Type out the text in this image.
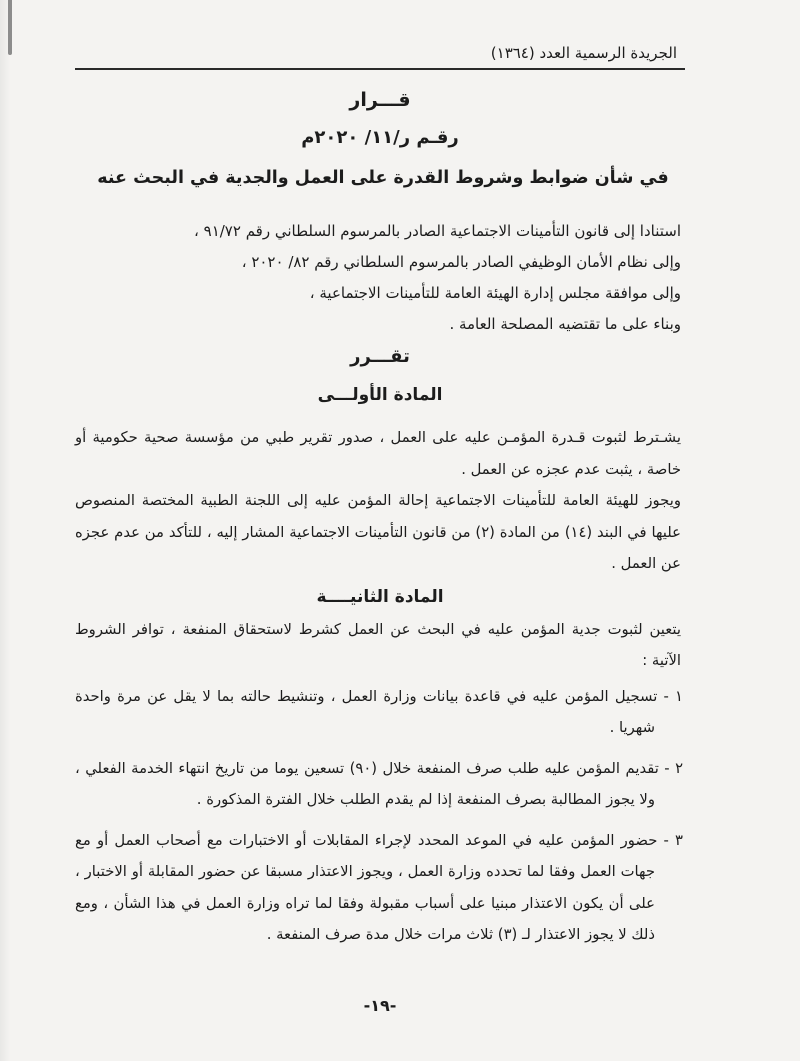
الجريدة الرسمية العدد (١٣٦٤)
قـــرار
رقـم ر/١١/ ٢٠٢٠م
في شأن ضوابط وشروط القدرة على العمل والجدية في البحث عنه
استنادا إلى قانون التأمينات الاجتماعية الصادر بالمرسوم السلطاني رقم ٩١/٧٢ ،
وإلى نظام الأمان الوظيفي الصادر بالمرسوم السلطاني رقم ٨٢/ ٢٠٢٠ ،
وإلى موافقة مجلس إدارة الهيئة العامة للتأمينات الاجتماعية ،
وبناء على ما تقتضيه المصلحة العامة .
تقـــرر
المادة الأولـــى
يشـترط لثبوت قـدرة المؤمـن عليه على العمل ، صدور تقرير طبي من مؤسسة صحية حكومية أو خاصة ، يثبت عدم عجزه عن العمل .
ويجوز للهيئة العامة للتأمينات الاجتماعية إحالة المؤمن عليه إلى اللجنة الطبية المختصة المنصوص عليها في البند (١٤) من المادة (٢) من قانون التأمينات الاجتماعية المشار إليه ، للتأكد من عدم عجزه عن العمل .
المادة الثانيــــة
يتعين لثبوت جدية المؤمن عليه في البحث عن العمل كشرط لاستحقاق المنفعة ، توافر الشروط الآتية :
١ - تسجيل المؤمن عليه في قاعدة بيانات وزارة العمل ، وتنشيط حالته بما لا يقل عن مرة واحدة شهريا .
٢ - تقديم المؤمن عليه طلب صرف المنفعة خلال (٩٠) تسعين يوما من تاريخ انتهاء الخدمة الفعلي ، ولا يجوز المطالبة بصرف المنفعة إذا لم يقدم الطلب خلال الفترة المذكورة .
٣ - حضور المؤمن عليه في الموعد المحدد لإجراء المقابلات أو الاختبارات مع أصحاب العمل أو مع جهات العمل وفقا لما تحدده وزارة العمل ، ويجوز الاعتذار مسبقا عن حضور المقابلة أو الاختبار ، على أن يكون الاعتذار مبنيا على أسباب مقبولة وفقا لما تراه وزارة العمل في هذا الشأن ، ومع ذلك لا يجوز الاعتذار لـ (٣) ثلاث مرات خلال مدة صرف المنفعة .
-١٩-
